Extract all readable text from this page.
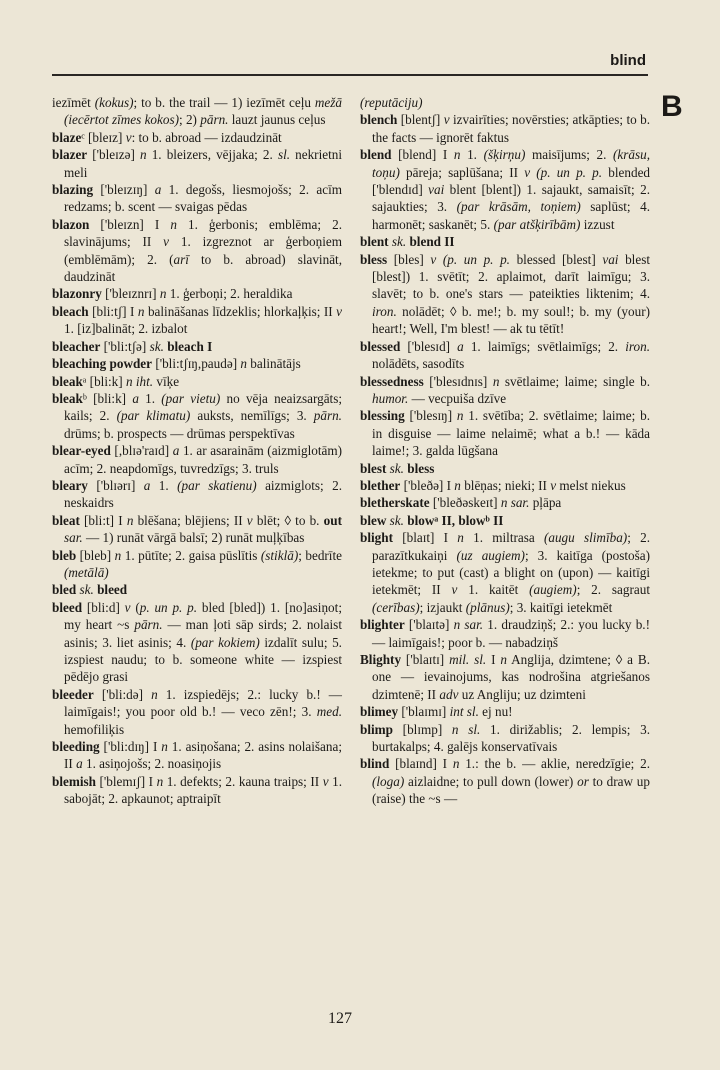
blind
B

iezīmēt (kokus); to b. the trail — 1) iezīmēt ceļu mežā (iecērtot zīmes kokos); 2) pārn. lauzt jaunus ceļus

blazeᶜ [bleɪz] v: to b. abroad — izdaudzināt

blazer ['bleɪzə] n 1. bleizers, vējjaka; 2. sl. nekrietni meli

blazing ['bleɪzɪŋ] a 1. degošs, liesmojošs; 2. acīm redzams; b. scent — svaigas pēdas

blazon ['bleɪzn] I n 1. ģerbonis; emblēma; 2. slavinājums; II v 1. izgreznot ar ģerboņiem (emblēmām); 2. (arī to b. abroad) slavināt, daudzināt

blazonry ['bleɪznrɪ] n 1. ģerboņi; 2. heraldika

bleach [bli:tʃ] I n balināšanas līdzeklis; hlorkaļķis; II v 1. [iz]balināt; 2. izbalot

bleacher ['bli:tʃə] sk. bleach I

bleaching powder ['bli:tʃɪŋ,paudə] n balinātājs

bleakᵃ [bli:k] n iht. vīķe

bleakᵇ [bli:k] a 1. (par vietu) no vēja neaizsargāts; kails; 2. (par klimatu) auksts, nemīlīgs; 3. pārn. drūms; b. prospects — drūmas perspektīvas

blear-eyed [,blɪə'raɪd] a 1. ar asarainām (aizmiglotām) acīm; 2. neapdomīgs, tuvredzīgs; 3. truls

bleary ['blɪərɪ] a 1. (par skatienu) aizmiglots; 2. neskaidrs

bleat [bli:t] I n blēšana; blējiens; II v blēt; ◊ to b. out sar. — 1) runāt vārgā balsī; 2) runāt muļķības

bleb [bleb] n 1. pūtīte; 2. gaisa pūslītis (stiklā); bedrīte (metālā)

bled sk. bleed

bleed [bli:d] v (p. un p. p. bled [bled]) 1. [no]asiņot; my heart ~s pārn. — man ļoti sāp sirds; 2. nolaist asinis; 3. liet asinis; 4. (par kokiem) izdalīt sulu; 5. izspiest naudu; to b. someone white — izspiest pēdējo grasi

bleeder ['bli:də] n 1. izspiedējs; 2.: lucky b.! — laimīgais!; you poor old b.! — veco zēn!; 3. med. hemofiliķis

bleeding ['bli:dɪŋ] I n 1. asiņošana; 2. asins nolaišana; II a 1. asiņojošs; 2. noasiņojis

blemish ['blemɪʃ] I n 1. defekts; 2. kauna traips; II v 1. sabojāt; 2. apkaunot; aptraipīt

(reputāciju)

blench [blentʃ] v izvairīties; novērsties; atkāpties; to b. the facts — ignorēt faktus

blend [blend] I n 1. (šķirņu) maisījums; 2. (krāsu, toņu) pāreja; saplūšana; II v (p. un p. p. blended ['blendɪd] vai blent [blent]) 1. sajaukt, samaisīt; 2. sajaukties; 3. (par krāsām, toņiem) saplūst; 4. harmonēt; saskanēt; 5. (par atšķirībām) izzust

blent sk. blend II

bless [bles] v (p. un p. p. blessed [blest] vai blest [blest]) 1. svētīt; 2. aplaimot, darīt laimīgu; 3. slavēt; to b. one's stars — pateikties liktenim; 4. iron. nolādēt; ◊ b. me!; b. my soul!; b. my (your) heart!; Well, I'm blest! — ak tu tētīt!

blessed ['blesɪd] a 1. laimīgs; svētlaimīgs; 2. iron. nolādēts, sasodīts

blessedness ['blesɪdnɪs] n svētlaime; laime; single b. humor. — vecpuiša dzīve

blessing ['blesɪŋ] n 1. svētība; 2. svētlaime; laime; b. in disguise — laime nelaimē; what a b.! — kāda laime!; 3. galda lūgšana

blest sk. bless

blether ['bleðə] I n blēņas; nieki; II v melst niekus

bletherskate ['bleðəskeɪt] n sar. pļāpa

blew sk. blowᵃ II, blowᵇ II

blight [blaɪt] I n 1. miltrasa (augu slimība); 2. parazītkukaiņi (uz augiem); 3. kaitīga (postoša) ietekme; to put (cast) a blight on (upon) — kaitīgi ietekmēt; II v 1. kaitēt (augiem); 2. sagraut (cerības); izjaukt (plānus); 3. kaitīgi ietekmēt

blighter ['blaɪtə] n sar. 1. draudziņš; 2.: you lucky b.! — laimīgais!; poor b. — nabadziņš

Blighty ['blaɪtɪ] mil. sl. I n Anglija, dzimtene; ◊ a B. one — ievainojums, kas nodrošina atgriešanos dzimtenē; II adv uz Angliju; uz dzimteni

blimey ['blaɪmɪ] int sl. ej nu!

blimp [blɪmp] n sl. 1. dirižablis; 2. lempis; 3. burtakalps; 4. galējs konservatīvais

blind [blaɪnd] I n 1.: the b. — aklie, neredzīgie; 2. (loga) aizlaidne; to pull down (lower) or to draw up (raise) the ~s —

127
